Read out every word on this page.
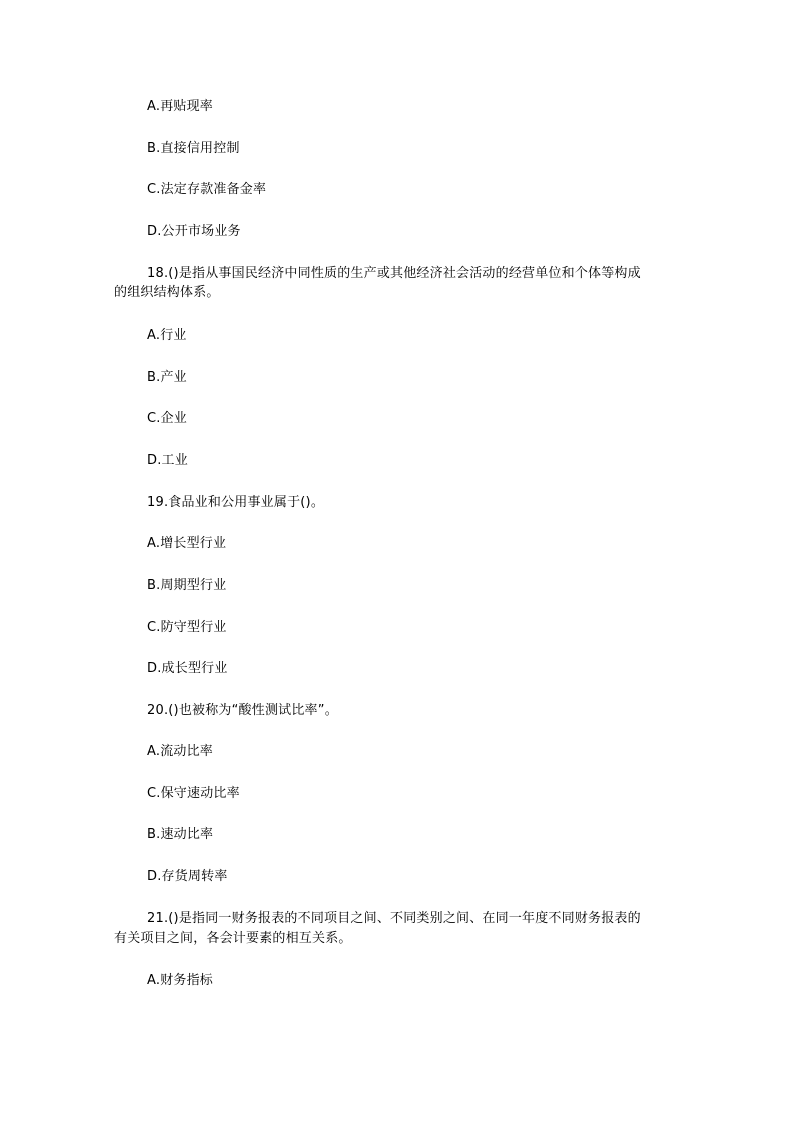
A.再贴现率
B.直接信用控制
C.法定存款准备金率
D.公开市场业务
18.()是指从事国民经济中同性质的生产或其他经济社会活动的经营单位和个体等构成
的组织结构体系。
A.行业
B.产业
C.企业
D.工业
19.食品业和公用事业属于()。
A.增长型行业
B.周期型行业
C.防守型行业
D.成长型行业
20.()也被称为“酸性测试比率”。
A.流动比率
C.保守速动比率
B.速动比率
D.存货周转率
21.()是指同一财务报表的不同项目之间、不同类别之间、在同一年度不同财务报表的
有关项目之间，各会计要素的相互关系。
A.财务指标
